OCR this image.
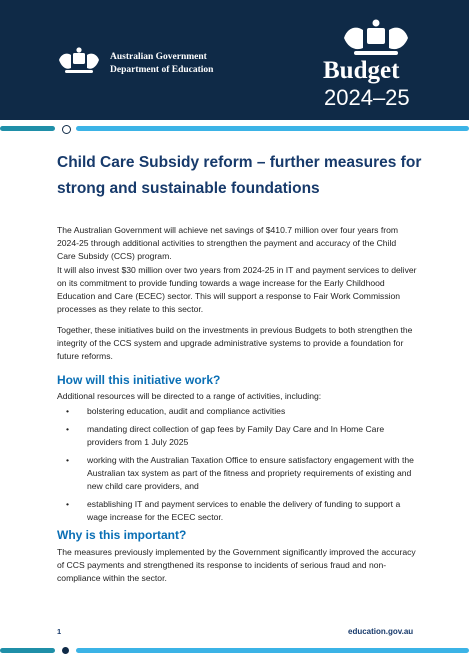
Australian Government
Department of Education	Budget
2024–25
Child Care Subsidy reform – further measures for strong and sustainable foundations

The Australian Government will achieve net savings of $410.7 million over four years from 2024-25 through additional activities to strengthen the payment and accuracy of the Child Care Subsidy (CCS) program.

It will also invest $30 million over two years from 2024-25 in IT and payment services to deliver on its commitment to provide funding towards a wage increase for the Early Childhood Education and Care (ECEC) sector. This will support a response to Fair Work Commission processes as they relate to this sector.

Together, these initiatives build on the investments in previous Budgets to both strengthen the integrity of the CCS system and upgrade administrative systems to provide a foundation for future reforms.

How will this initiative work?

Additional resources will be directed to a range of activities, including:

• bolstering education, audit and compliance activities
• mandating direct collection of gap fees by Family Day Care and In Home Care providers from 1 July 2025
• working with the Australian Taxation Office to ensure satisfactory engagement with the Australian tax system as part of the fitness and propriety requirements of existing and new child care providers, and
• establishing IT and payment services to enable the delivery of funding to support a wage increase for the ECEC sector.
Why is this important?

The measures previously implemented by the Government significantly improved the accuracy of CCS payments and strengthened its response to incidents of serious fraud and non-compliance within the sector.

1	education.gov.au
